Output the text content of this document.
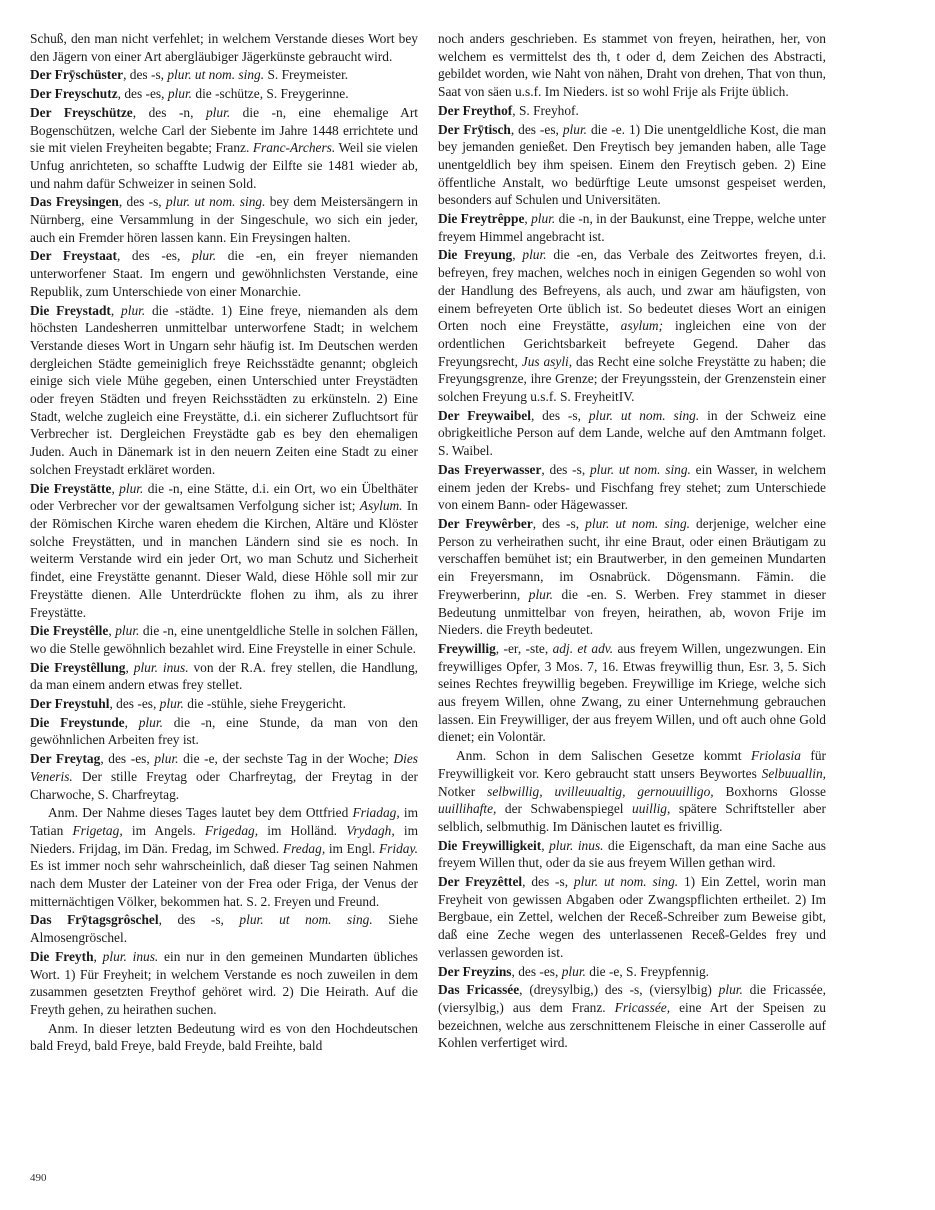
Schuß, den man nicht verfehlet; in welchem Verstande dieses Wort bey den Jägern von einer Art abergläubiger Jägerkünste gebraucht wird.

Der Frȳschüster, des -s, plur. ut nom. sing. S. Freymeister.

Der Freyschutz, des -es, plur. die -schütze, S. Freygerinne.

Der Freyschütze, des -n, plur. die -n, eine ehemalige Art Bogenschützen, welche Carl der Siebente im Jahre 1448 errichtete und sie mit vielen Freyheiten begabte; Franz. Franc-Archers. Weil sie vielen Unfug anrichteten, so schaffte Ludwig der Eilfte sie 1481 wieder ab, und nahm dafür Schweizer in seinen Sold.

Das Freysingen, des -s, plur. ut nom. sing. bey dem Meistersängern in Nürnberg, eine Versammlung in der Singeschule, wo sich ein jeder, auch ein Fremder hören lassen kann. Ein Freysingen halten.

Der Freystaat, des -es, plur. die -en, ein freyer niemanden unterworfener Staat. Im engern und gewöhnlichsten Verstande, eine Republik, zum Unterschiede von einer Monarchie.

Die Freystadt, plur. die -städte. 1) Eine freye, niemanden als dem höchsten Landesherren unmittelbar unterworfene Stadt; in welchem Verstande dieses Wort in Ungarn sehr häufig ist. Im Deutschen werden dergleichen Städte gemeiniglich freye Reichsstädte genannt; obgleich einige sich viele Mühe gegeben, einen Unterschied unter Freystädten oder freyen Städten und freyen Reichsstädten zu erkünsteln. 2) Eine Stadt, welche zugleich eine Freystätte, d.i. ein sicherer Zufluchtsort für Verbrecher ist. Dergleichen Freystädte gab es bey den ehemaligen Juden. Auch in Dänemark ist in den neuern Zeiten eine Stadt zu einer solchen Freystadt erkläret worden.

Die Freystätte, plur. die -n, eine Stätte, d.i. ein Ort, wo ein Übelthäter oder Verbrecher vor der gewaltsamen Verfolgung sicher ist; Asylum. In der Römischen Kirche waren ehedem die Kirchen, Altäre und Klöster solche Freystätten, und in manchen Ländern sind sie es noch. In weiterm Verstande wird ein jeder Ort, wo man Schutz und Sicherheit findet, eine Freystätte genannt. Dieser Wald, diese Höhle soll mir zur Freystätte dienen. Alle Unterdrückte flohen zu ihm, als zu ihrer Freystätte.

Die Freystêlle, plur. die -n, eine unentgeldliche Stelle in solchen Fällen, wo die Stelle gewöhnlich bezahlet wird. Eine Freystelle in einer Schule.

Die Freystêllung, plur. inus. von der R.A. frey stellen, die Handlung, da man einem andern etwas frey stellet.

Der Freystuhl, des -es, plur. die -stühle, siehe Freygericht.

Die Freystunde, plur. die -n, eine Stunde, da man von den gewöhnlichen Arbeiten frey ist.

Der Freytag, des -es, plur. die -e, der sechste Tag in der Woche; Dies Veneris. Der stille Freytag oder Charfreytag, der Freytag in der Charwoche, S. Charfreytag.

Anm. Der Nahme dieses Tages lautet bey dem Ottfried Friadag, im Tatian Frigetag, im Angels. Frigedag, im Holländ. Vrydagh, im Nieders. Frijdag, im Dän. Fredag, im Schwed. Fredag, im Engl. Friday. Es ist immer noch sehr wahrscheinlich, daß dieser Tag seinen Nahmen nach dem Muster der Lateiner von der Frea oder Friga, der Venus der mitternächtigen Völker, bekommen hat. S. 2. Freyen und Freund.

Das Frȳtagsgrôschel, des -s, plur. ut nom. sing. Siehe Almosengröschel.

Die Freyth, plur. inus. ein nur in den gemeinen Mundarten übliches Wort. 1) Für Freyheit; in welchem Verstande es noch zuweilen in dem zusammen gesetzten Freythof gehöret wird. 2) Die Heirath. Auf die Freyth gehen, zu heirathen suchen.

Anm. In dieser letzten Bedeutung wird es von den Hochdeutschen bald Freyd, bald Freye, bald Freyde, bald Freihte, bald

noch anders geschrieben. Es stammet von freyen, heirathen, her, von welchem es vermittelst des th, t oder d, dem Zeichen des Abstracti, gebildet worden, wie Naht von nähen, Draht von drehen, That von thun, Saat von säen u.s.f. Im Nieders. ist so wohl Frije als Frijte üblich.

Der Freythof, S. Freyhof.

Der Frȳtisch, des -es, plur. die -e. 1) Die unentgeldliche Kost, die man bey jemanden genießet. Den Freytisch bey jemanden haben, alle Tage unentgeldlich bey ihm speisen. Einem den Freytisch geben. 2) Eine öffentliche Anstalt, wo bedürftige Leute umsonst gespeiset werden, besonders auf Schulen und Universitäten.

Die Freytrêppe, plur. die -n, in der Baukunst, eine Treppe, welche unter freyem Himmel angebracht ist.

Die Freyung, plur. die -en, das Verbale des Zeitwortes freyen, d.i. befreyen, frey machen, welches noch in einigen Gegenden so wohl von der Handlung des Befreyens, als auch, und zwar am häufigsten, von einem befreyeten Orte üblich ist. So bedeutet dieses Wort an einigen Orten noch eine Freystätte, asylum; ingleichen eine von der ordentlichen Gerichtsbarkeit befreyete Gegend. Daher das Freyungsrecht, Jus asyli, das Recht eine solche Freystätte zu haben; die Freyungsgrenze, ihre Grenze; der Freyungsstein, der Grenzenstein einer solchen Freyung u.s.f. S. FreyheitIV.

Der Freywaibel, des -s, plur. ut nom. sing. in der Schweiz eine obrigkeitliche Person auf dem Lande, welche auf den Amtmann folget. S. Waibel.

Das Freyerwasser, des -s, plur. ut nom. sing. ein Wasser, in welchem einem jeden der Krebs- und Fischfang frey stehet; zum Unterschiede von einem Bann- oder Hägewasser.

Der Freywêrber, des -s, plur. ut nom. sing. derjenige, welcher eine Person zu verheirathen sucht, ihr eine Braut, oder einen Bräutigam zu verschaffen bemühet ist; ein Brautwerber, in den gemeinen Mundarten ein Freyersmann, im Osnabrück. Dögensmann. Fämin. die Freywerberinn, plur. die -en. S. Werben. Frey stammet in dieser Bedeutung unmittelbar von freyen, heirathen, ab, wovon Frije im Nieders. die Freyth bedeutet.

Freywillig, -er, -ste, adj. et adv. aus freyem Willen, ungezwungen. Ein freywilliges Opfer, 3 Mos. 7, 16. Etwas freywillig thun, Esr. 3, 5. Sich seines Rechtes freywillig begeben. Freywillige im Kriege, welche sich aus freyem Willen, ohne Zwang, zu einer Unternehmung gebrauchen lassen. Ein Freywilliger, der aus freyem Willen, und oft auch ohne Gold dienet; ein Volontär.

Anm. Schon in dem Salischen Gesetze kommt Friolasia für Freywilligkeit vor. Kero gebraucht statt unsers Beywortes Selbuuallin, Notker selbwillig, uvilleuualtig, gernouuilligo, Boxhorns Glosse uuillihafte, der Schwabenspiegel uuillig, spätere Schriftsteller aber selblich, selbmuthig. Im Dänischen lautet es frivillig.

Die Freywilligkeit, plur. inus. die Eigenschaft, da man eine Sache aus freyem Willen thut, oder da sie aus freyem Willen gethan wird.

Der Freyzêttel, des -s, plur. ut nom. sing. 1) Ein Zettel, worin man Freyheit von gewissen Abgaben oder Zwangspflichten ertheilet. 2) Im Bergbaue, ein Zettel, welchen der Receß-Schreiber zum Beweise gibt, daß eine Zeche wegen des unterlassenen Receß-Geldes frey und verlassen geworden ist.

Der Freyzins, des -es, plur. die -e, S. Freypfennig.

Das Fricassée, (dreysylbig,) des -s, (viersylbig) plur. die Fricassée, (viersylbig,) aus dem Franz. Fricassée, eine Art der Speisen zu bezeichnen, welche aus zerschnittenem Fleische in einer Casserolle auf Kohlen verfertiget wird.

490
